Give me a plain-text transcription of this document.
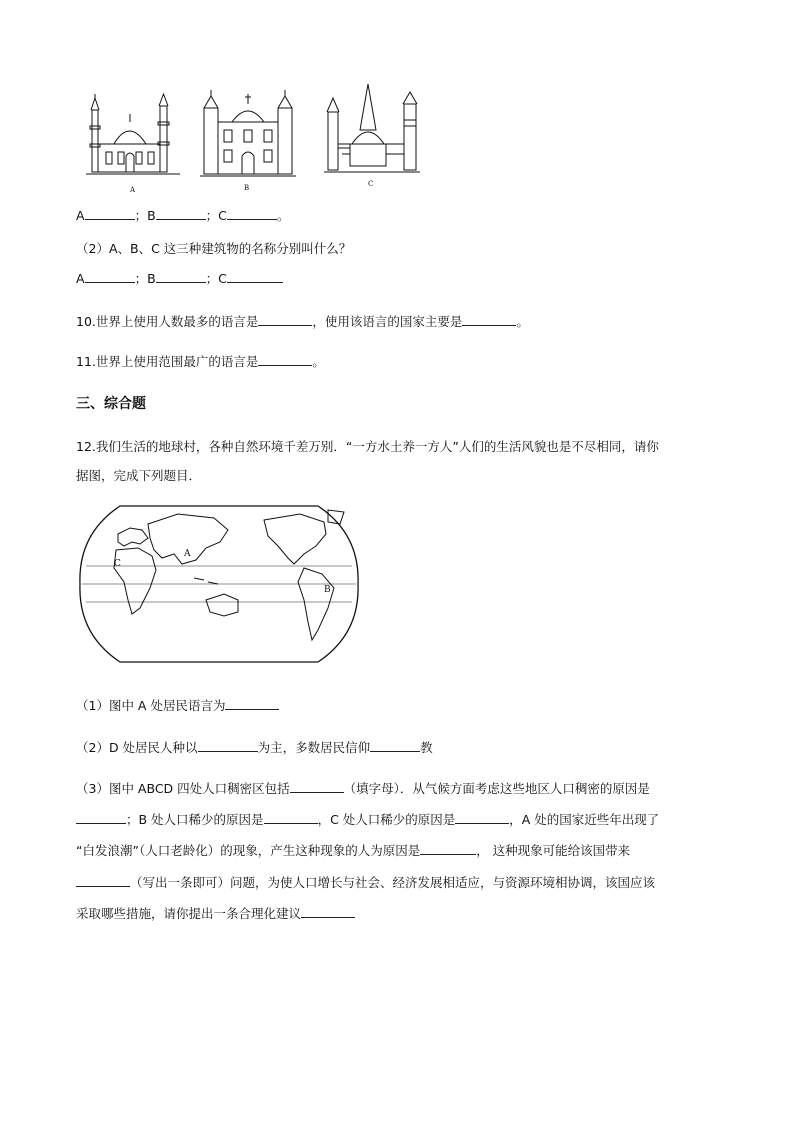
A	B	C
A	；B	；C	。
（2）A、B、C 这三种建筑物的名称分别叫什么？
A	；B	；C
10.世界上使用人数最多的语言是	，使用该语言的国家主要是	。
11.世界上使用范围最广的语言是	。
三、综合题
12.我们生活的地球村，各种自然环境千差万别．“一方水土养一方人”人们的生活风貌也是不尽相同，请你
据图，完成下列题目．
A
B
C
（1）图中 A 处居民语言为
（2）D 处居民人种以	为主，多数居民信仰	教
（3）图中 ABCD 四处人口稠密区包括	（填字母）．从气候方面考虑这些地区人口稠密的原因是
；B 处人口稀少的原因是	，C 处人口稀少的原因是	，A 处的国家近些年出现了
“白发浪潮”（人口老龄化）的现象，产生这种现象的人为原因是	， 这种现象可能给该国带来
（写出一条即可）问题，为使人口增长与社会、经济发展相适应，与资源环境相协调，该国应该
采取哪些措施，请你提出一条合理化建议
